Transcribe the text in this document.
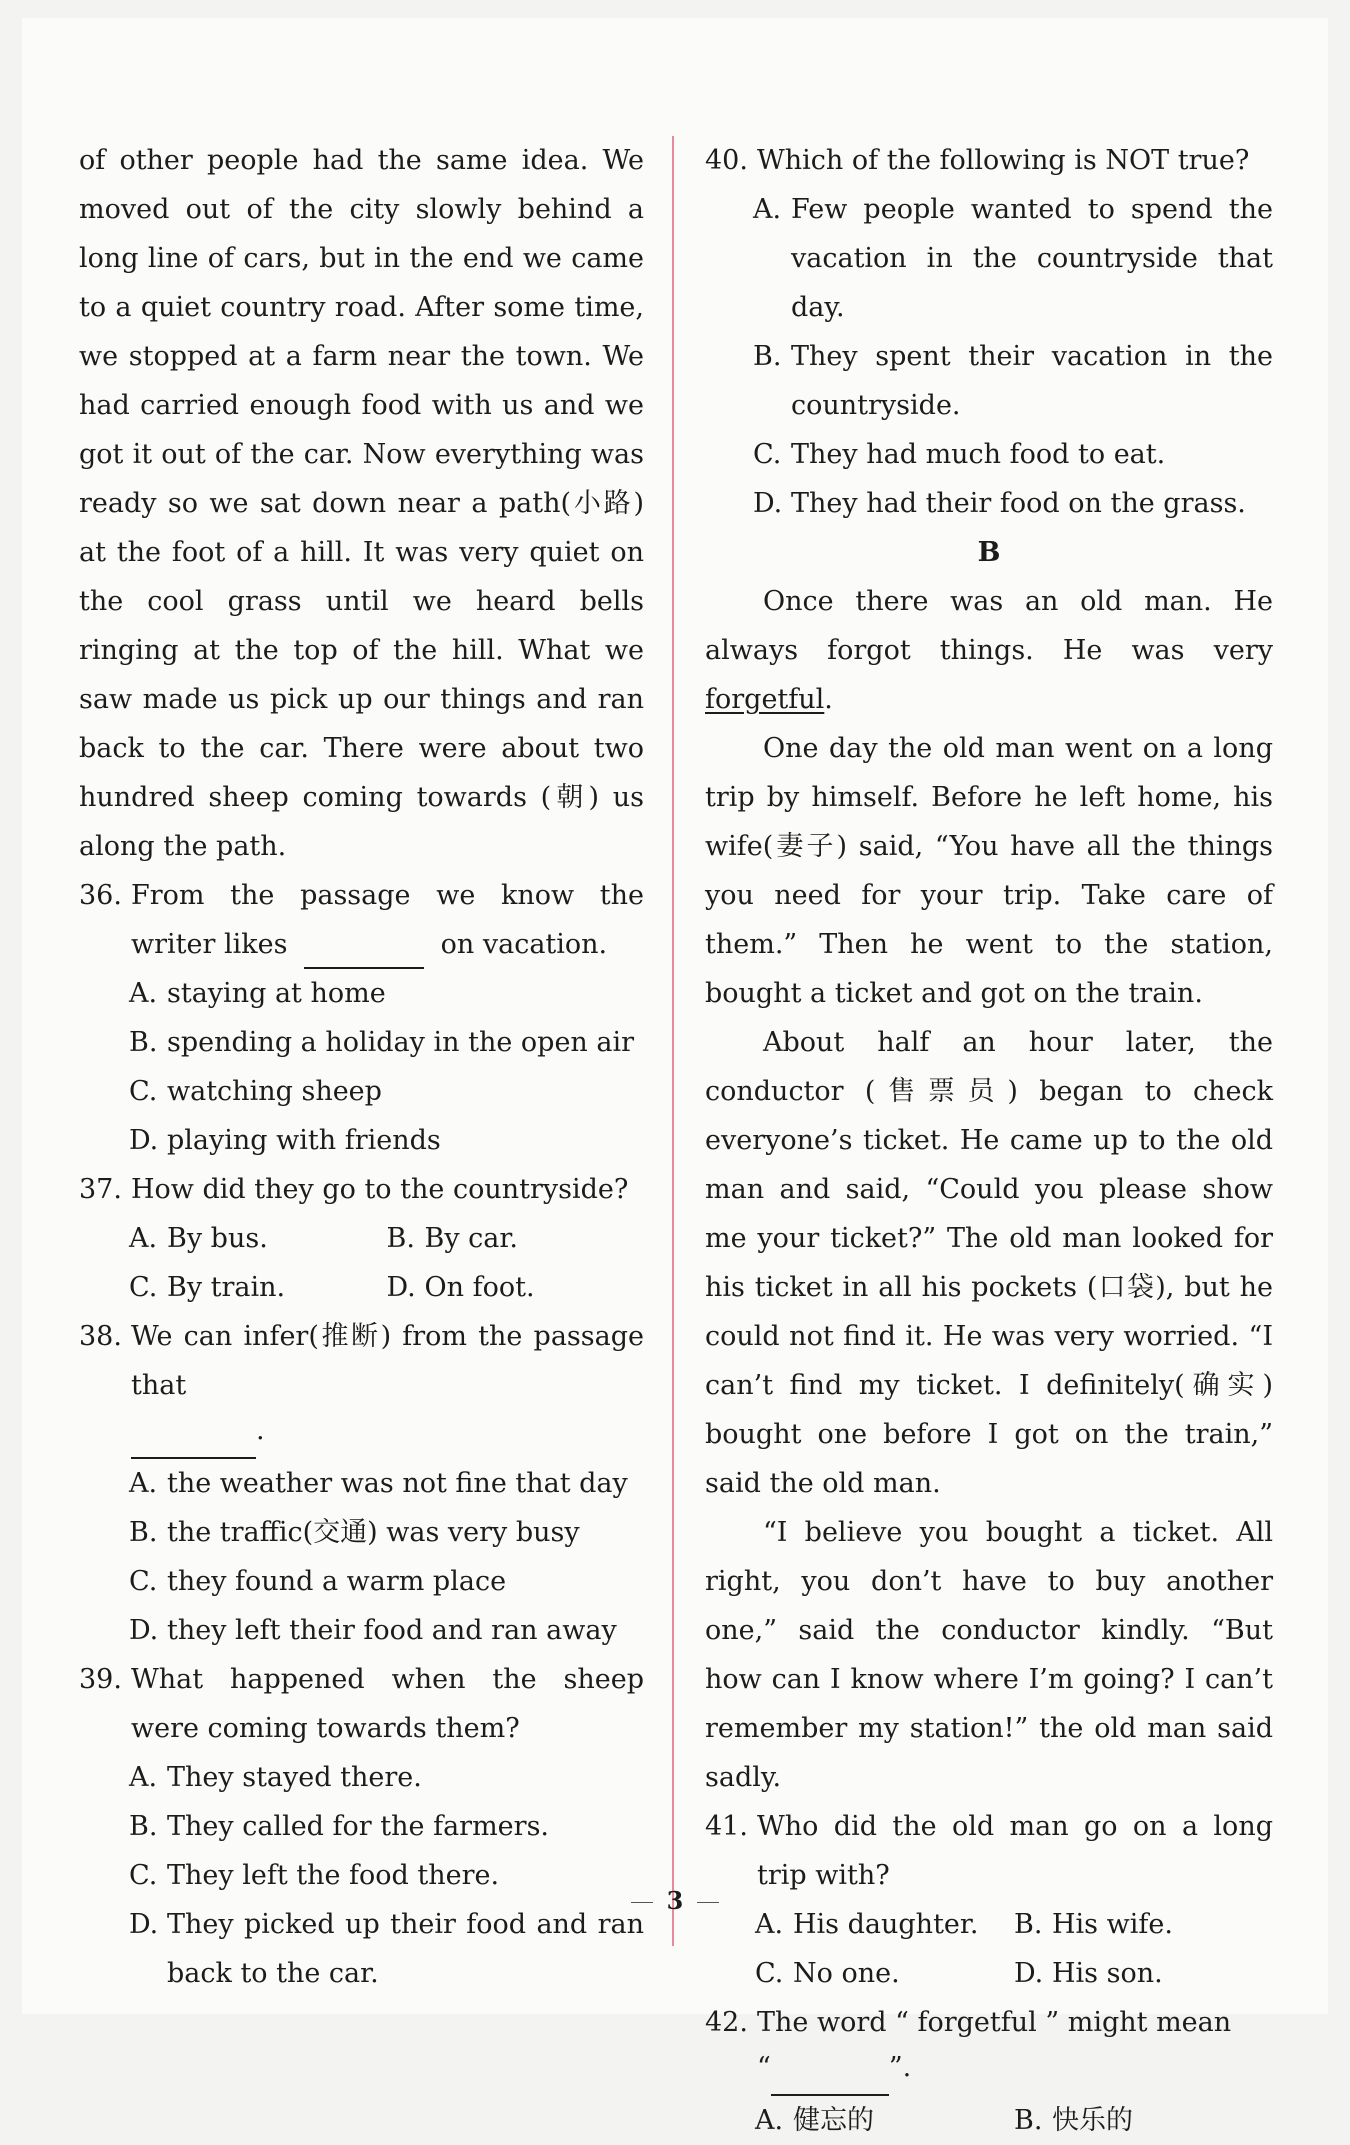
of other people had the same idea. We moved out of the city slowly behind a long line of cars, but in the end we came to a quiet country road. After some time, we stopped at a farm near the town. We had carried enough food with us and we got it out of the car. Now everything was ready so we sat down near a path(小路) at the foot of a hill. It was very quiet on the cool grass until we heard bells ringing at the top of the hill. What we saw made us pick up our things and ran back to the car. There were about two hundred sheep coming towards (朝) us along the path.

36. From the passage we know the writer likes	on vacation.
A. staying at home
B. spending a holiday in the open air
C. watching sheep
D. playing with friends
37. How did they go to the countryside?
A. By bus.	B. By car.
C. By train.	D. On foot.
38. We can infer(推断) from the passage that
.
A. the weather was not fine that day
B. the traffic(交通) was very busy
C. they found a warm place
D. they left their food and ran away
39. What happened when the sheep were coming towards them?
A. They stayed there.
B. They called for the farmers.
C. They left the food there.
D. They picked up their food and ran back to the car.
40. Which of the following is NOT true?
A. Few people wanted to spend the vacation in the countryside that day.
B. They spent their vacation in the countryside.
C. They had much food to eat.
D. They had their food on the grass.

B

Once there was an old man. He always forgot things. He was very forgetful.

One day the old man went on a long trip by himself. Before he left home, his wife(妻子) said, “You have all the things you need for your trip. Take care of them.” Then he went to the station, bought a ticket and got on the train.

About half an hour later, the conductor (售票员) began to check everyone’s ticket. He came up to the old man and said, “Could you please show me your ticket?” The old man looked for his ticket in all his pockets (口袋), but he could not find it. He was very worried. “I can’t find my ticket. I definitely(确实) bought one before I got on the train,” said the old man.

“I believe you bought a ticket. All right, you don’t have to buy another one,” said the conductor kindly. “But how can I know where I’m going? I can’t remember my station!” the old man said sadly.

41. Who did the old man go on a long trip with?
A. His daughter. B. His wife.
C. No one.	D. His son.
42. The word “ forgetful ” might mean
“	”.
A. 健忘的	B. 快乐的
3
